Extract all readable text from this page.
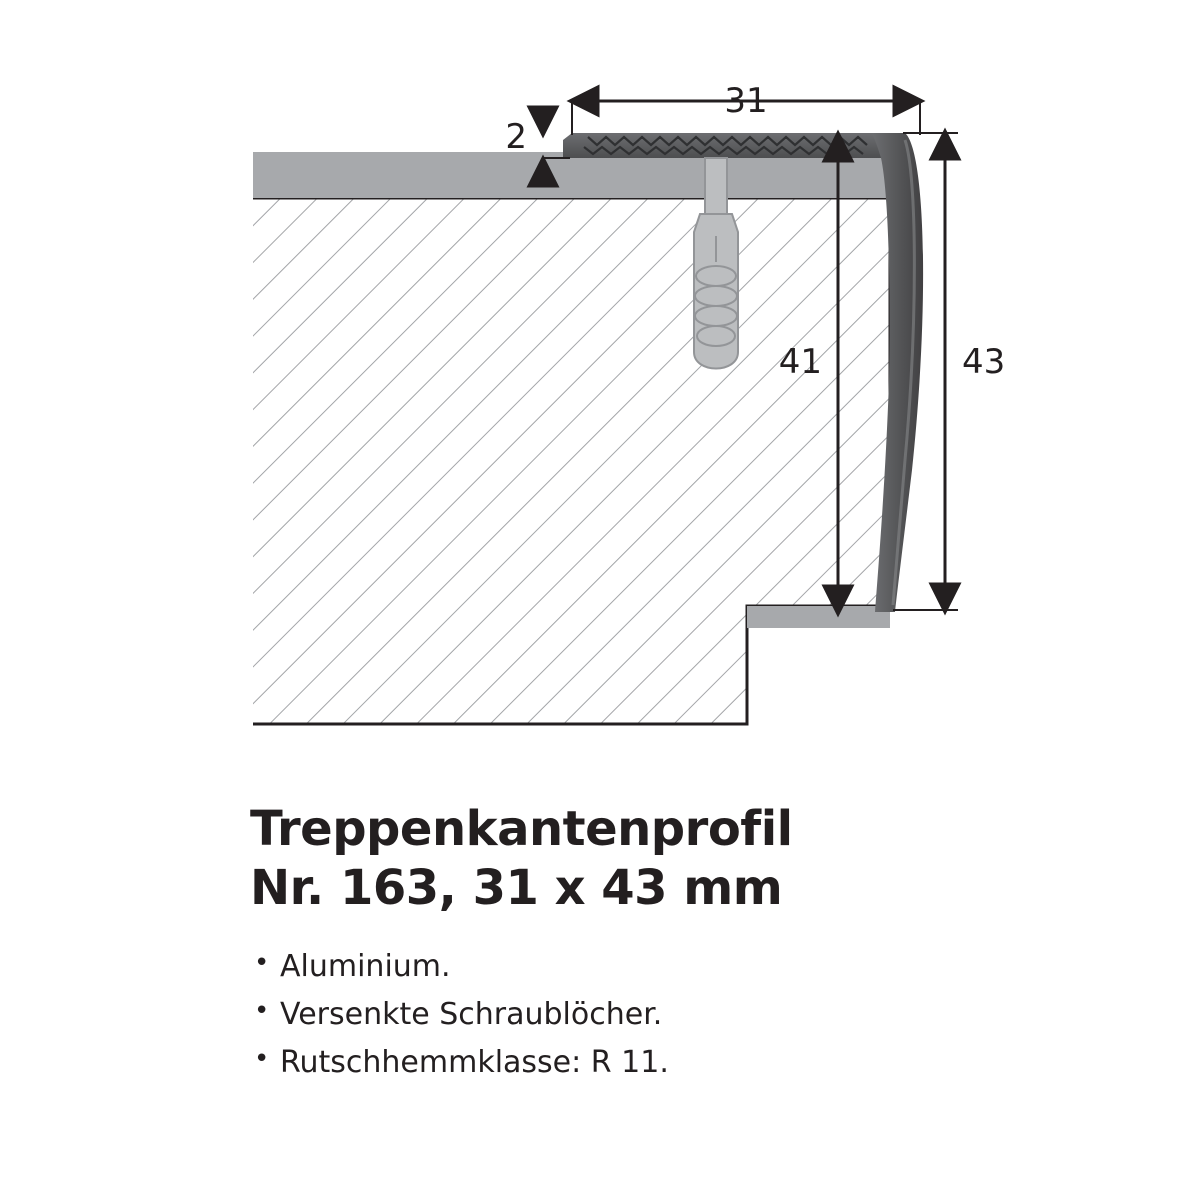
31
2
41	43
Treppenkantenprofil
Nr. 163, 31 x 43 mm
• Aluminium.
• Versenkte Schraublöcher.
• Rutschhemmklasse: R 11.
